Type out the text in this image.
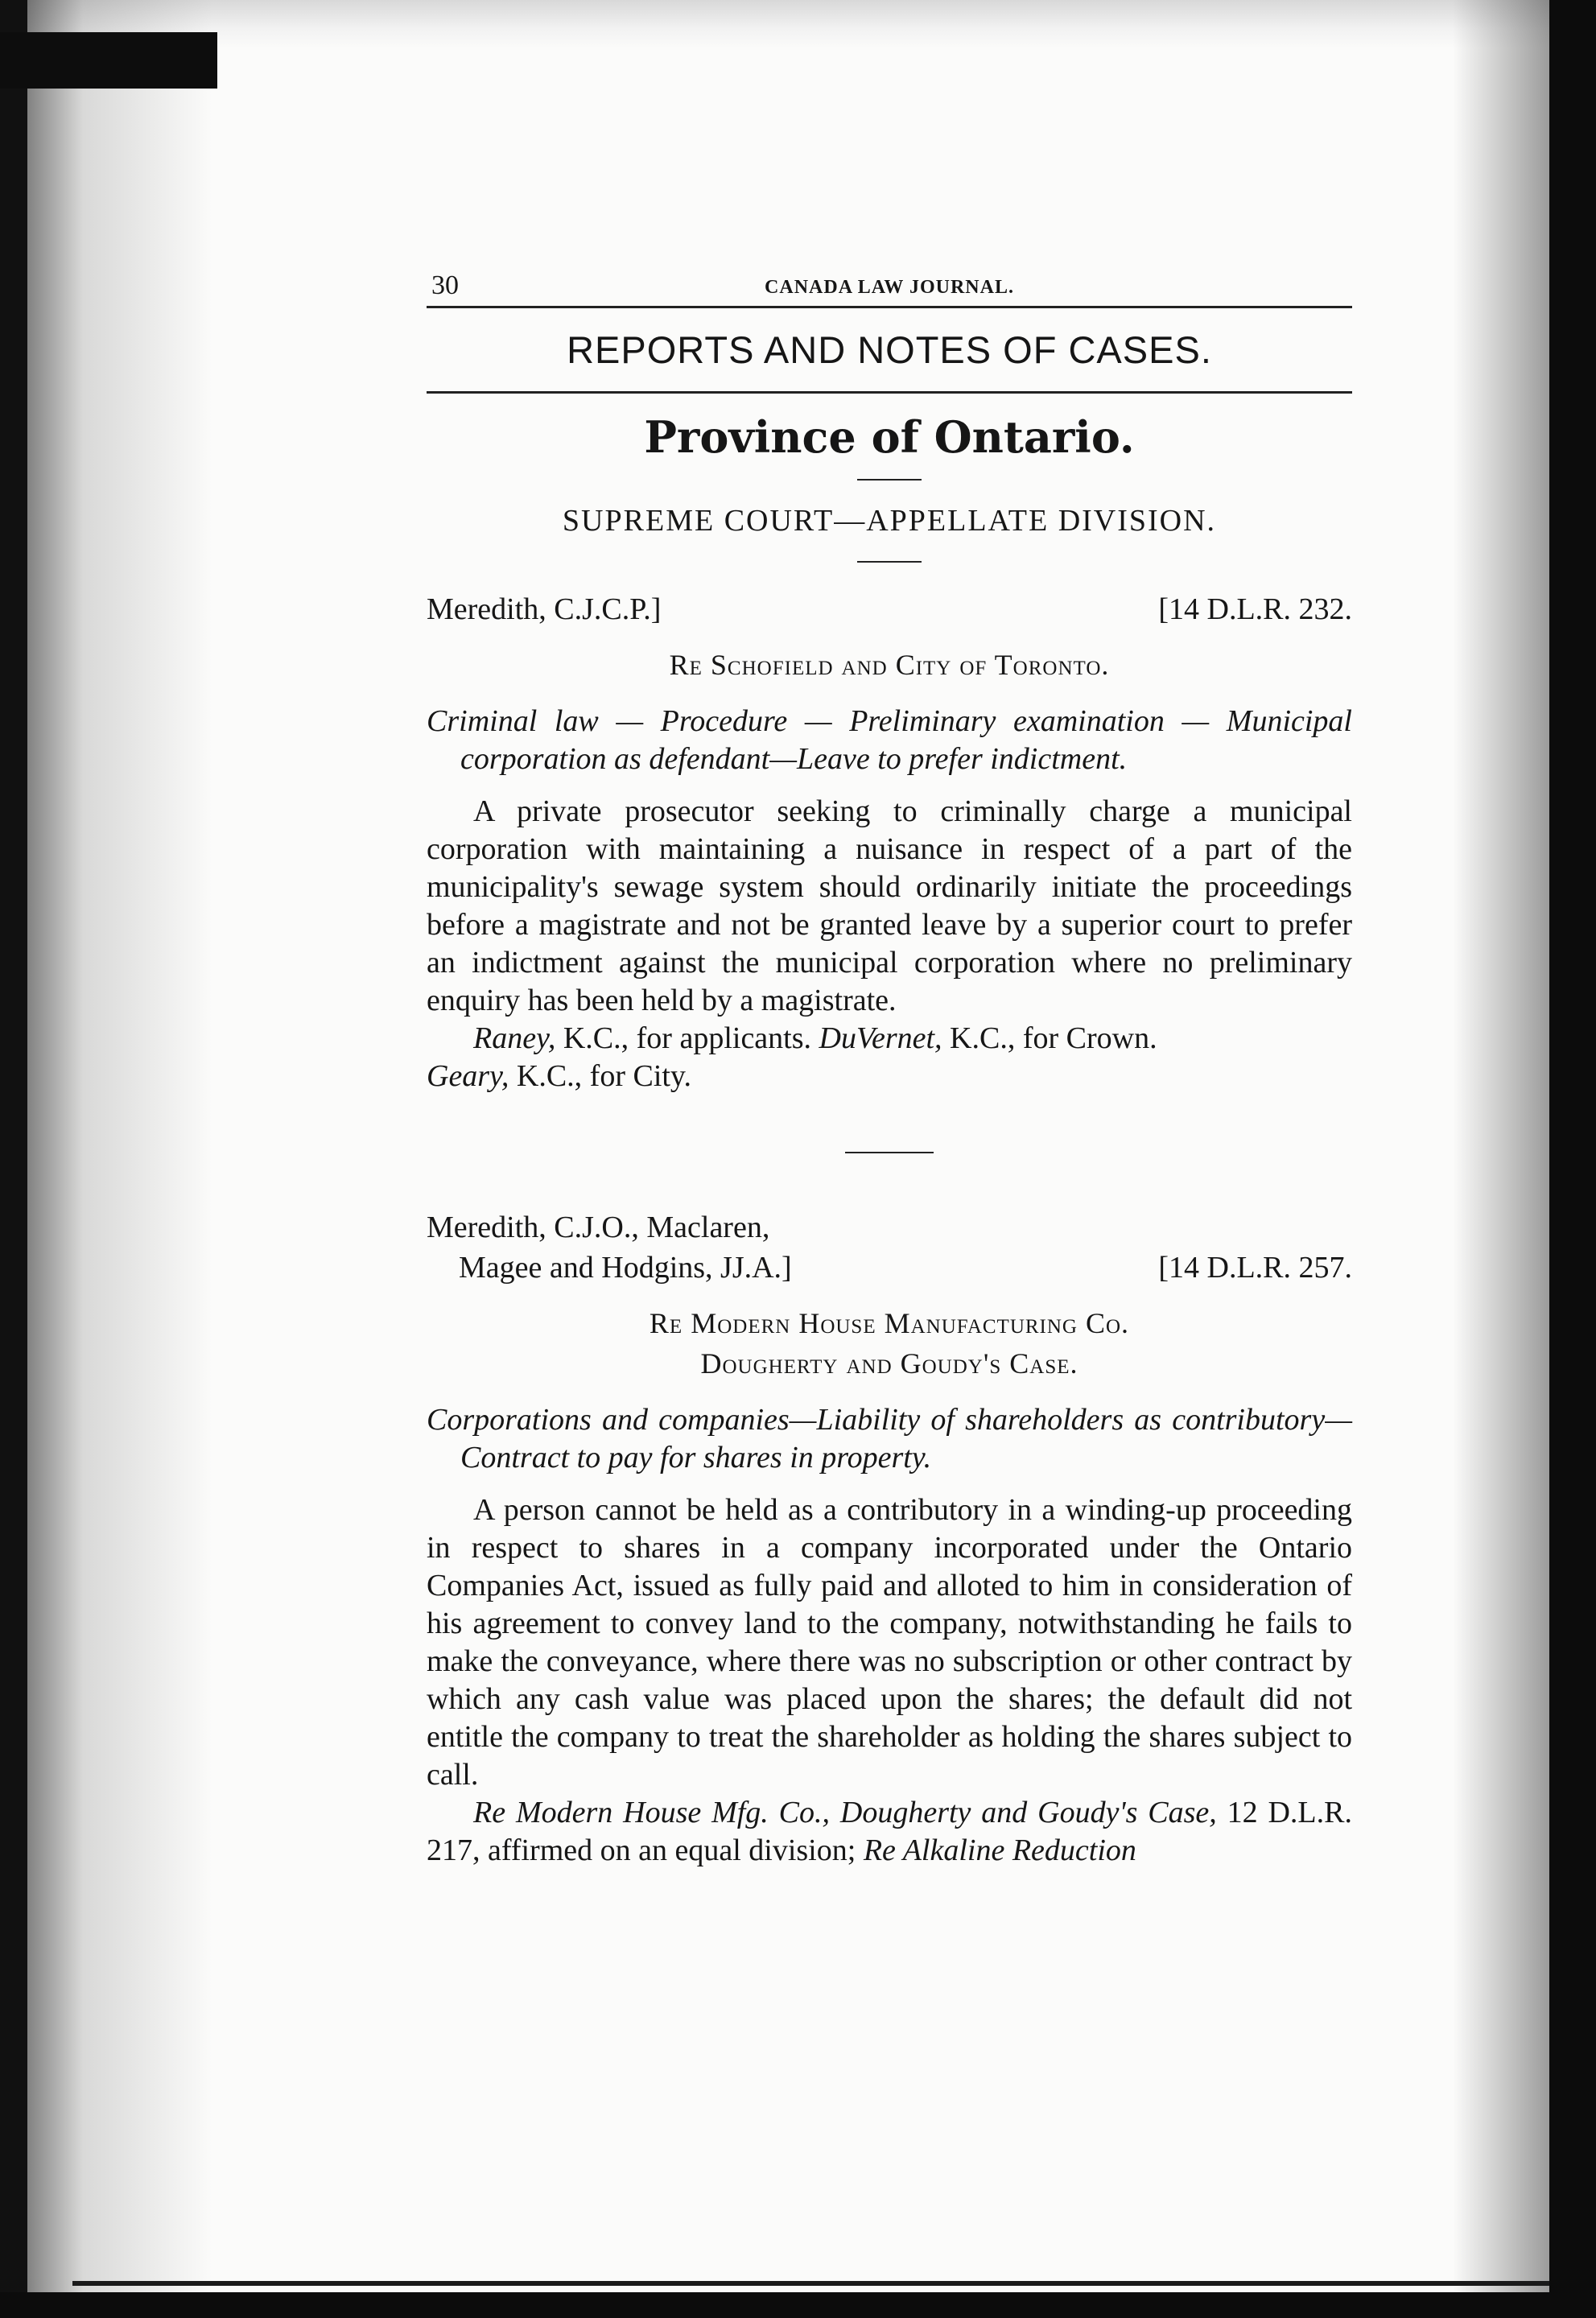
30	CANADA LAW JOURNAL.
REPORTS AND NOTES OF CASES.
Province of Ontario.
SUPREME COURT—APPELLATE DIVISION.
Meredith, C.J.C.P.]	[14 D.L.R. 232.
Re Schofield and City of Toronto.
Criminal law — Procedure — Preliminary examination — Municipal corporation as defendant—Leave to prefer indictment.

A private prosecutor seeking to criminally charge a municipal corporation with maintaining a nuisance in respect of a part of the municipality's sewage system should ordinarily initiate the proceedings before a magistrate and not be granted leave by a superior court to prefer an indictment against the municipal corporation where no preliminary enquiry has been held by a magistrate.

Raney, K.C., for applicants. DuVernet, K.C., for Crown.
Geary, K.C., for City.
Meredith, C.J.O., Maclaren,
Magee and Hodgins, JJ.A.]	[14 D.L.R. 257.
Re Modern House Manufacturing Co.
Dougherty and Goudy's Case.
Corporations and companies—Liability of shareholders as contributory—Contract to pay for shares in property.

A person cannot be held as a contributory in a winding-up proceeding in respect to shares in a company incorporated under the Ontario Companies Act, issued as fully paid and alloted to him in consideration of his agreement to convey land to the company, notwithstanding he fails to make the conveyance, where there was no subscription or other contract by which any cash value was placed upon the shares; the default did not entitle the company to treat the shareholder as holding the shares subject to call.

Re Modern House Mfg. Co., Dougherty and Goudy's Case, 12 D.L.R. 217, affirmed on an equal division; Re Alkaline Reduction
